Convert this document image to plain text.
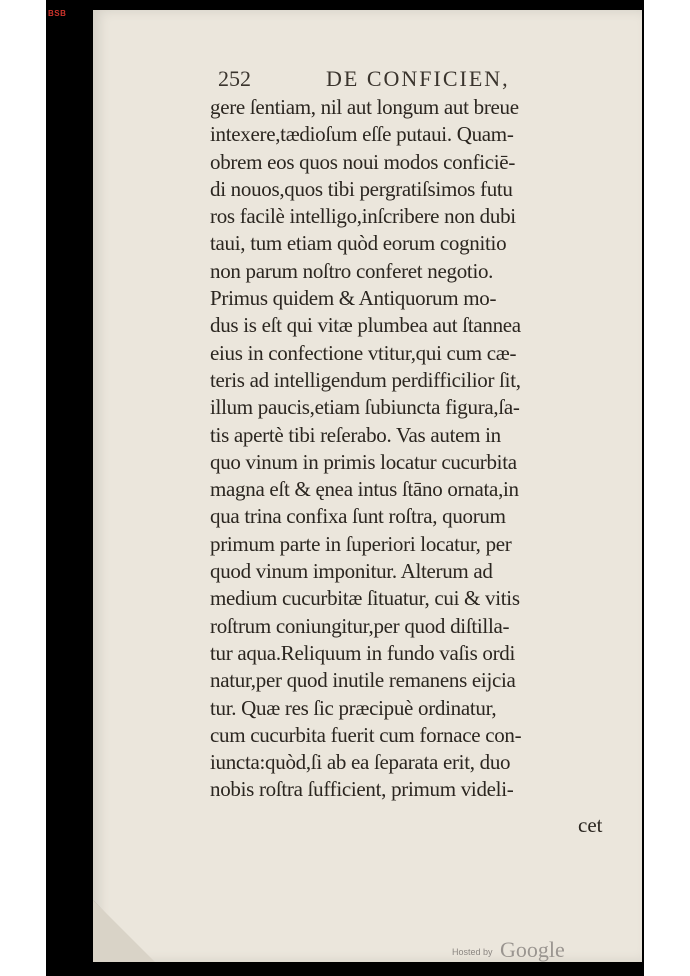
BSB
252	DE CONFICIEN,
gere ſentiam, nil aut longum aut breue
intexere,tædioſum eſſe putaui. Quam-
obrem eos quos noui modos conficiē-
di nouos,quos tibi pergratiſsimos futu
ros facilè intelligo,inſcribere non dubi
taui, tum etiam quòd eorum cognitio
non parum noſtro conferet negotio.
Primus quidem & Antiquorum mo-
dus is eſt qui vitæ plumbea aut ſtannea
eius in confectione vtitur,qui cum cæ-
teris ad intelligendum perdifficilior ſit,
illum paucis,etiam ſubiuncta figura,ſa-
tis apertè tibi reſerabo. Vas autem in
quo vinum in primis locatur cucurbita
magna eſt & ęnea intus ſtāno ornata,in
qua trina confixa ſunt roſtra, quorum
primum parte in ſuperiori locatur, per
quod vinum imponitur. Alterum ad
medium cucurbitæ ſituatur, cui & vitis
roſtrum coniungitur,per quod diſtilla-
tur aqua.Reliquum in fundo vaſis ordi
natur,per quod inutile remanens eijcia
tur. Quæ res ſic præcipuè ordinatur,
cum cucurbita fuerit cum fornace con-
iuncta:quòd,ſi ab ea ſeparata erit, duo
nobis roſtra ſufficient, primum videli-
cet
Hosted by Google
